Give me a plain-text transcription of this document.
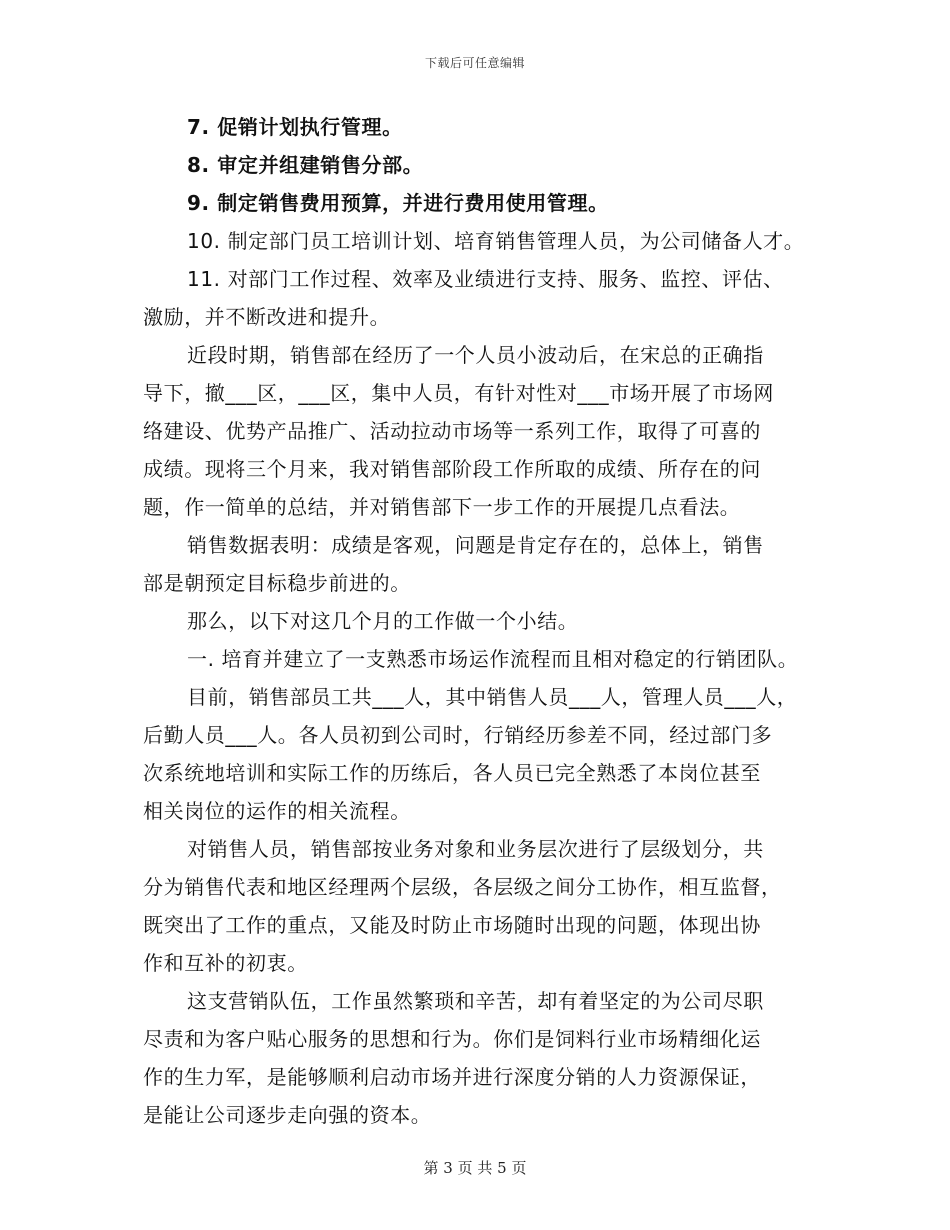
下载后可任意编辑
7. 促销计划执行管理。
8. 审定并组建销售分部。
9. 制定销售费用预算，并进行费用使用管理。
10. 制定部门员工培训计划、培育销售管理人员，为公司储备人才。
11. 对部门工作过程、效率及业绩进行支持、服务、监控、评估、
激励，并不断改进和提升。
近段时期，销售部在经历了一个人员小波动后，在宋总的正确指
导下，撤___区，___区，集中人员，有针对性对___市场开展了市场网
络建设、优势产品推广、活动拉动市场等一系列工作，取得了可喜的
成绩。现将三个月来，我对销售部阶段工作所取的成绩、所存在的问
题，作一简单的总结，并对销售部下一步工作的开展提几点看法。
销售数据表明：成绩是客观，问题是肯定存在的，总体上，销售
部是朝预定目标稳步前进的。
那么，以下对这几个月的工作做一个小结。
一. 培育并建立了一支熟悉市场运作流程而且相对稳定的行销团队。
目前，销售部员工共___人，其中销售人员___人，管理人员___人，
后勤人员___人。各人员初到公司时，行销经历参差不同，经过部门多
次系统地培训和实际工作的历练后，各人员已完全熟悉了本岗位甚至
相关岗位的运作的相关流程。
对销售人员，销售部按业务对象和业务层次进行了层级划分，共
分为销售代表和地区经理两个层级，各层级之间分工协作，相互监督，
既突出了工作的重点，又能及时防止市场随时出现的问题，体现出协
作和互补的初衷。
这支营销队伍，工作虽然繁琐和辛苦，却有着坚定的为公司尽职
尽责和为客户贴心服务的思想和行为。你们是饲料行业市场精细化运
作的生力军，是能够顺利启动市场并进行深度分销的人力资源保证，
是能让公司逐步走向强的资本。
第 3 页 共 5 页
